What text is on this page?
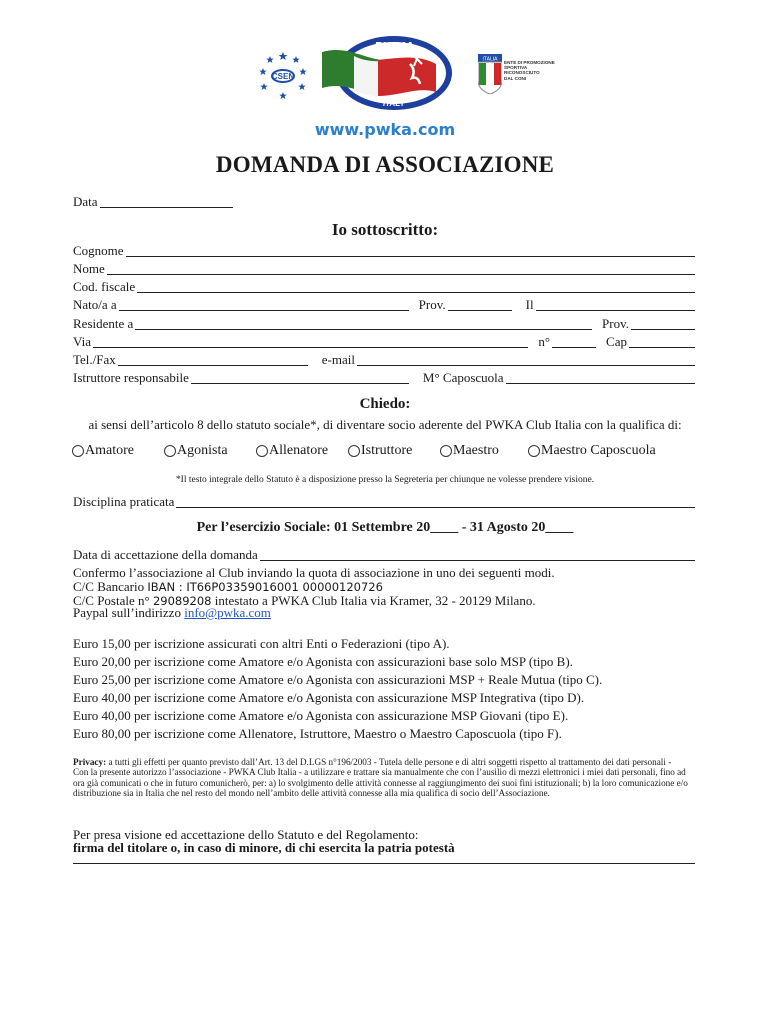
CSEN
PWKA
ITALY
ITALIA
ENTE DI PROMOZIONE
SPORTIVA
RICONOSCIUTO
DAL CONI
www.pwka.com
DOMANDA DI ASSOCIAZIONE
Data
Io sottoscritto:
Cognome
Nome
Cod. fiscale
Nato/a a	Prov.	Il
Residente a	Prov.
Via	n°	Cap
Tel./Fax	e-mail
Istruttore responsabile	M° Caposcuola
Chiedo:
ai sensi dell’articolo 8 dello statuto sociale*, di diventare socio aderente del PWKA Club Italia con la qualifica di:
Amatore	Agonista	Allenatore Istruttore	Maestro	Maestro Caposcuola
*Il testo integrale dello Statuto è a disposizione presso la Segreteria per chiunque ne volesse prendere visione.
Disciplina praticata
Per l’esercizio Sociale: 01 Settembre 20____ - 31 Agosto 20____
Data di accettazione della domanda
Confermo l’associazione al Club inviando la quota di associazione in uno dei seguenti modi.
C/C Bancario IBAN : IT66P03359016001 00000120726
C/C Postale n° 29089208 intestato a PWKA Club Italia via Kramer, 32 - 20129 Milano.
Paypal sull’indirizzo info@pwka.com
Euro 15,00 per iscrizione assicurati con altri Enti o Federazioni (tipo A).
Euro 20,00 per iscrizione come Amatore e/o Agonista con assicurazioni base solo MSP (tipo B).
Euro 25,00 per iscrizione come Amatore e/o Agonista con assicurazioni MSP + Reale Mutua (tipo C).
Euro 40,00 per iscrizione come Amatore e/o Agonista con assicurazione MSP Integrativa (tipo D).
Euro 40,00 per iscrizione come Amatore e/o Agonista con assicurazione MSP Giovani (tipo E).
Euro 80,00 per iscrizione come Allenatore, Istruttore, Maestro o Maestro Caposcuola (tipo F).
Privacy: a tutti gli effetti per quanto previsto dall’Art. 13 del D.LGS n°196/2003 - Tutela delle persone e di altri soggetti rispetto al trattamento dei dati personali -
Con la presente autorizzo l’associazione - PWKA Club Italia - a utilizzare e trattare sia manualmente che con l’ausilio di mezzi elettronici i miei dati personali, fino ad ora già comunicati o che in futuro comunicherò, per: a) lo svolgimento delle attività connesse al raggiungimento dei suoi fini istituzionali; b) la loro comunicazione e/o distribuzione sia in Italia che nel resto del mondo nell’ambito delle attività connesse alla mia qualifica di socio dell’Associazione.
Per presa visione ed accettazione dello Statuto e del Regolamento:
firma del titolare o, in caso di minore, di chi esercita la patria potestà
